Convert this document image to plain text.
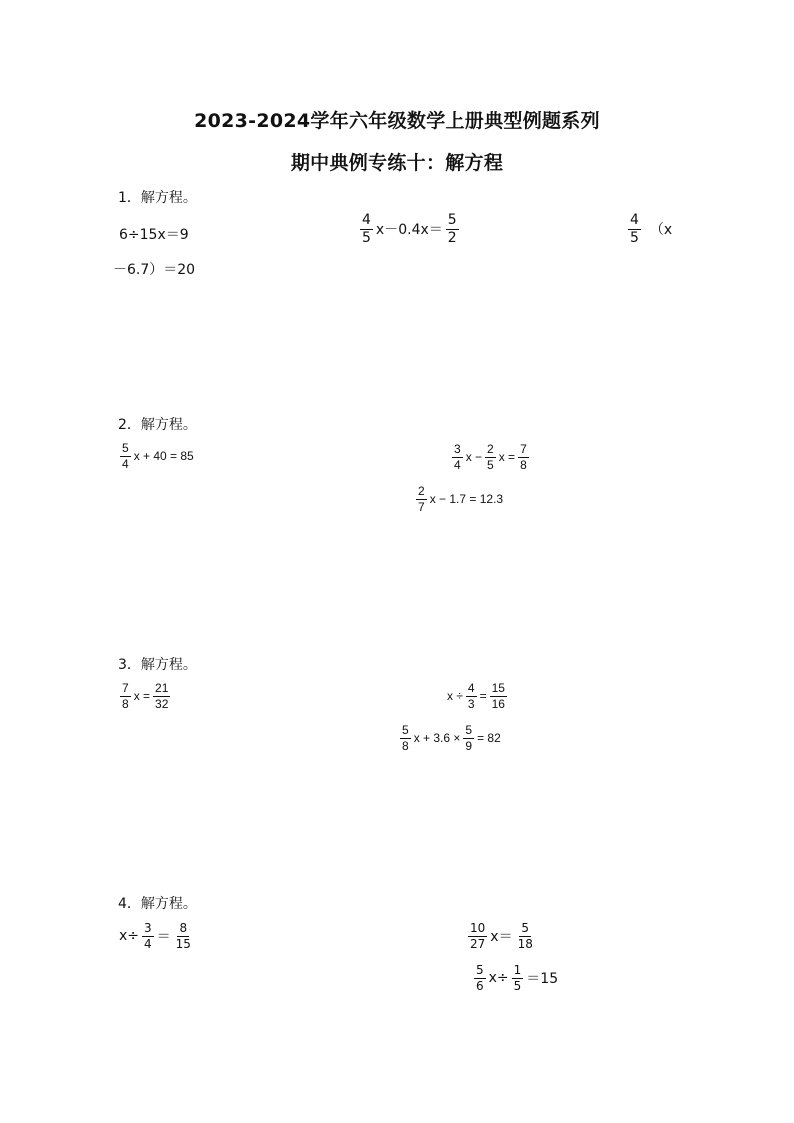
2023-2024学年六年级数学上册典型例题系列
期中典例专练十：解方程
1．解方程。
6÷15x＝9	$\frac{4}{5} x-0.4x= \frac{5}{2}$	$\frac{4}{5} (x$
－6.7）＝20
2．解方程。
$\frac{5}{4}$ x + 40 = 85	$\frac{3}{4}$ $x - \frac{2}{5}$ $x = \frac{7}{8}$
$\frac{2}{7}$ x − 1.7 = 12.3
3．解方程。
$\frac{7}{8}$ $x = \frac{21}{32}$	$x \div \frac{4}{3} = \frac{15}{16}$
$\frac{5}{8}$ $x + 3.6 \times \frac{5}{9} = 82$
4．解方程。
$x\div \frac{3}{4} = \frac{8}{15}$	$\frac{10}{27} x= \frac{5}{18}$
$\frac{5}{6} x\div \frac{1}{5} =15$
